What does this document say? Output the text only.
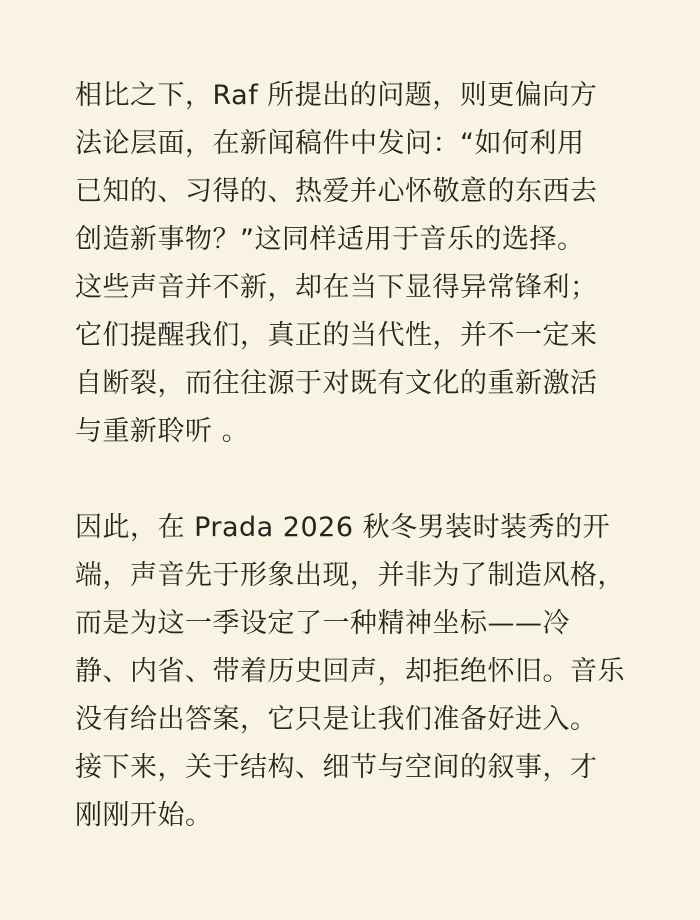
相比之下，Raf 所提出的问题，则更偏向方
法论层面，在新闻稿件中发问：“如何利用
已知的、习得的、热爱并心怀敬意的东西去
创造新事物？”这同样适用于音乐的选择。
这些声音并不新，却在当下显得异常锋利；
它们提醒我们，真正的当代性，并不一定来
自断裂，而往往源于对既有文化的重新激活
与重新聆听 。

因此，在 Prada 2026 秋冬男装时装秀的开
端，声音先于形象出现，并非为了制造风格，
而是为这一季设定了一种精神坐标——冷
静、内省、带着历史回声，却拒绝怀旧。音乐
没有给出答案，它只是让我们准备好进入。
接下来，关于结构、细节与空间的叙事，才
刚刚开始。
